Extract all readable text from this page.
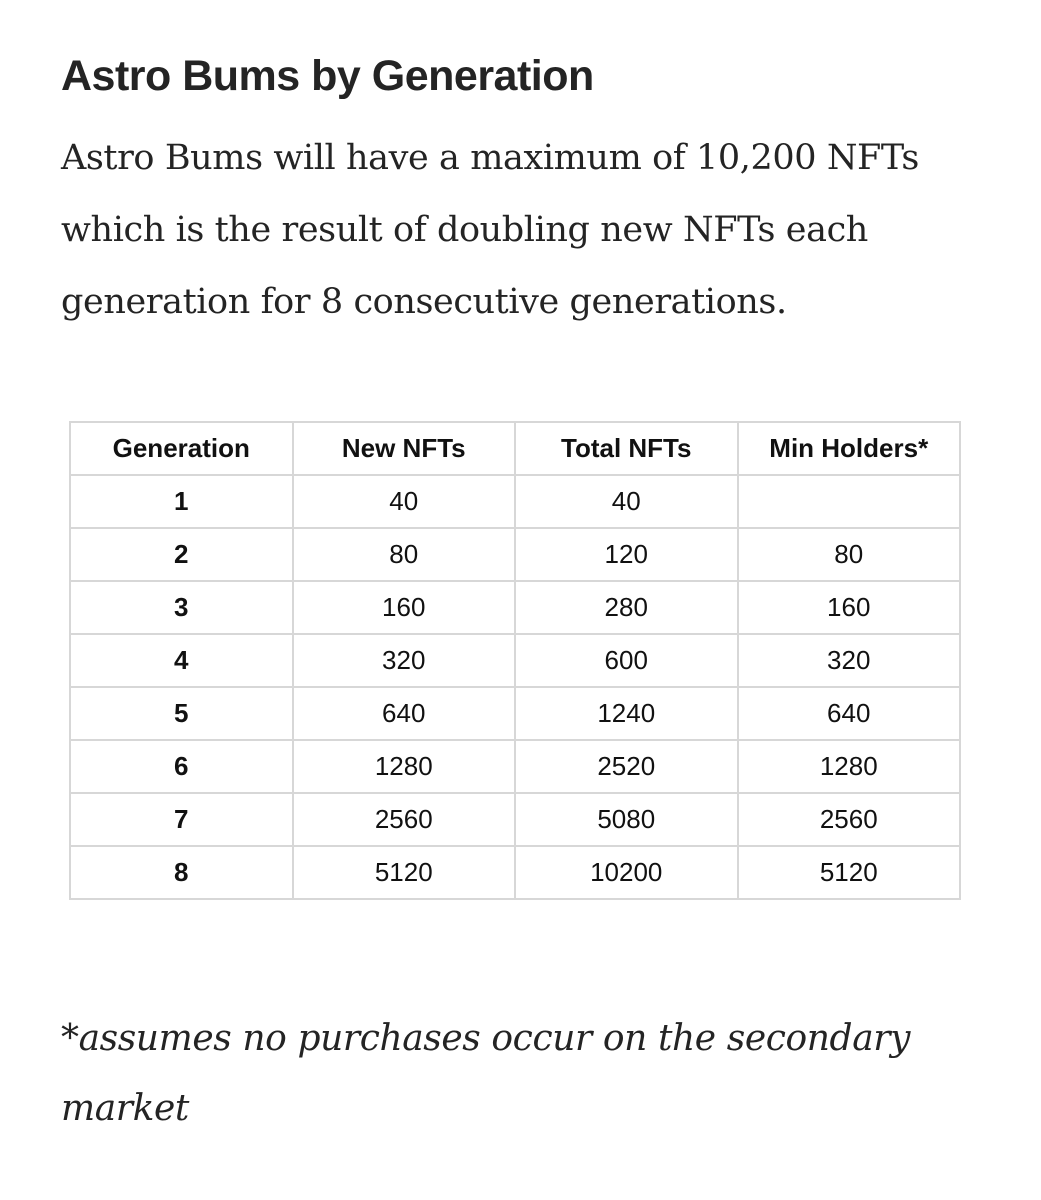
Astro Bums by Generation

Astro Bums will have a maximum of 10,200 NFTs which is the result of doubling new NFTs each generation for 8 consecutive generations.

Generation	New NFTs	Total NFTs	Min Holders*
1	40	40	
2	80	120	80
3	160	280	160
4	320	600	320
5	640	1240	640
6	1280	2520	1280
7	2560	5080	2560
8	5120	10200	5120

*assumes no purchases occur on the secondary market
